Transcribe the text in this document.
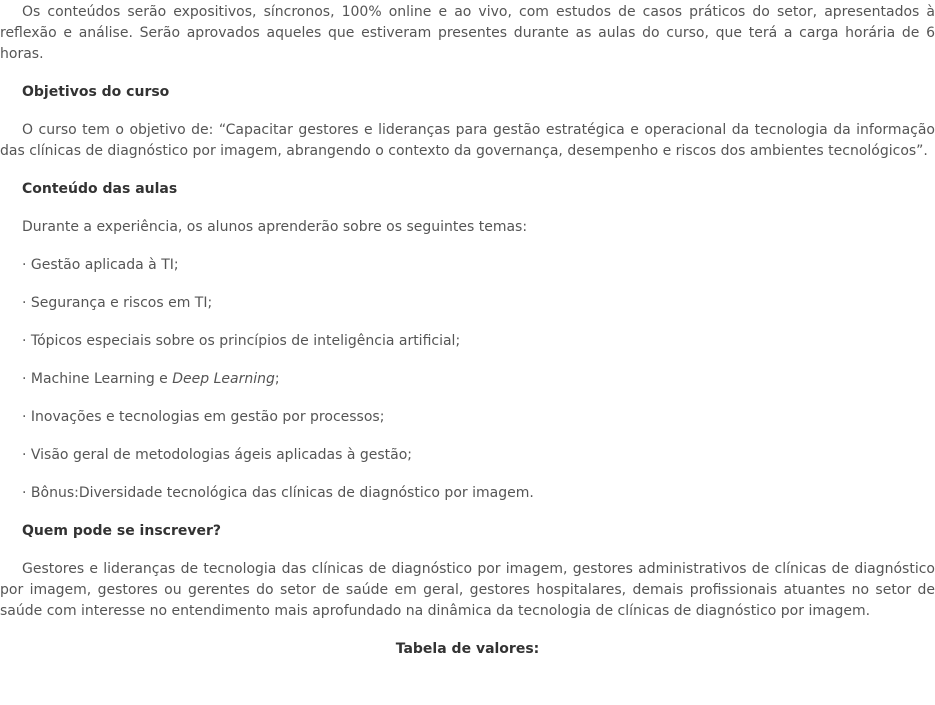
Os conteúdos serão expositivos, síncronos, 100% online e ao vivo, com estudos de casos práticos do setor, apresentados à reflexão e análise. Serão aprovados aqueles que estiveram presentes durante as aulas do curso, que terá a carga horária de 6 horas.

Objetivos do curso

O curso tem o objetivo de: “Capacitar gestores e lideranças para gestão estratégica e operacional da tecnologia da informação das clínicas de diagnóstico por imagem, abrangendo o contexto da governança, desempenho e riscos dos ambientes tecnológicos”.

Conteúdo das aulas

Durante a experiência, os alunos aprenderão sobre os seguintes temas:

· Gestão aplicada à TI;

· Segurança e riscos em TI;

· Tópicos especiais sobre os princípios de inteligência artificial;

· Machine Learning e Deep Learning;

· Inovações e tecnologias em gestão por processos;

· Visão geral de metodologias ágeis aplicadas à gestão;

· Bônus:Diversidade tecnológica das clínicas de diagnóstico por imagem.

Quem pode se inscrever?

Gestores e lideranças de tecnologia das clínicas de diagnóstico por imagem, gestores administrativos de clínicas de diagnóstico por imagem, gestores ou gerentes do setor de saúde em geral, gestores hospitalares, demais profissionais atuantes no setor de saúde com interesse no entendimento mais aprofundado na dinâmica da tecnologia de clínicas de diagnóstico por imagem.

Tabela de valores:
